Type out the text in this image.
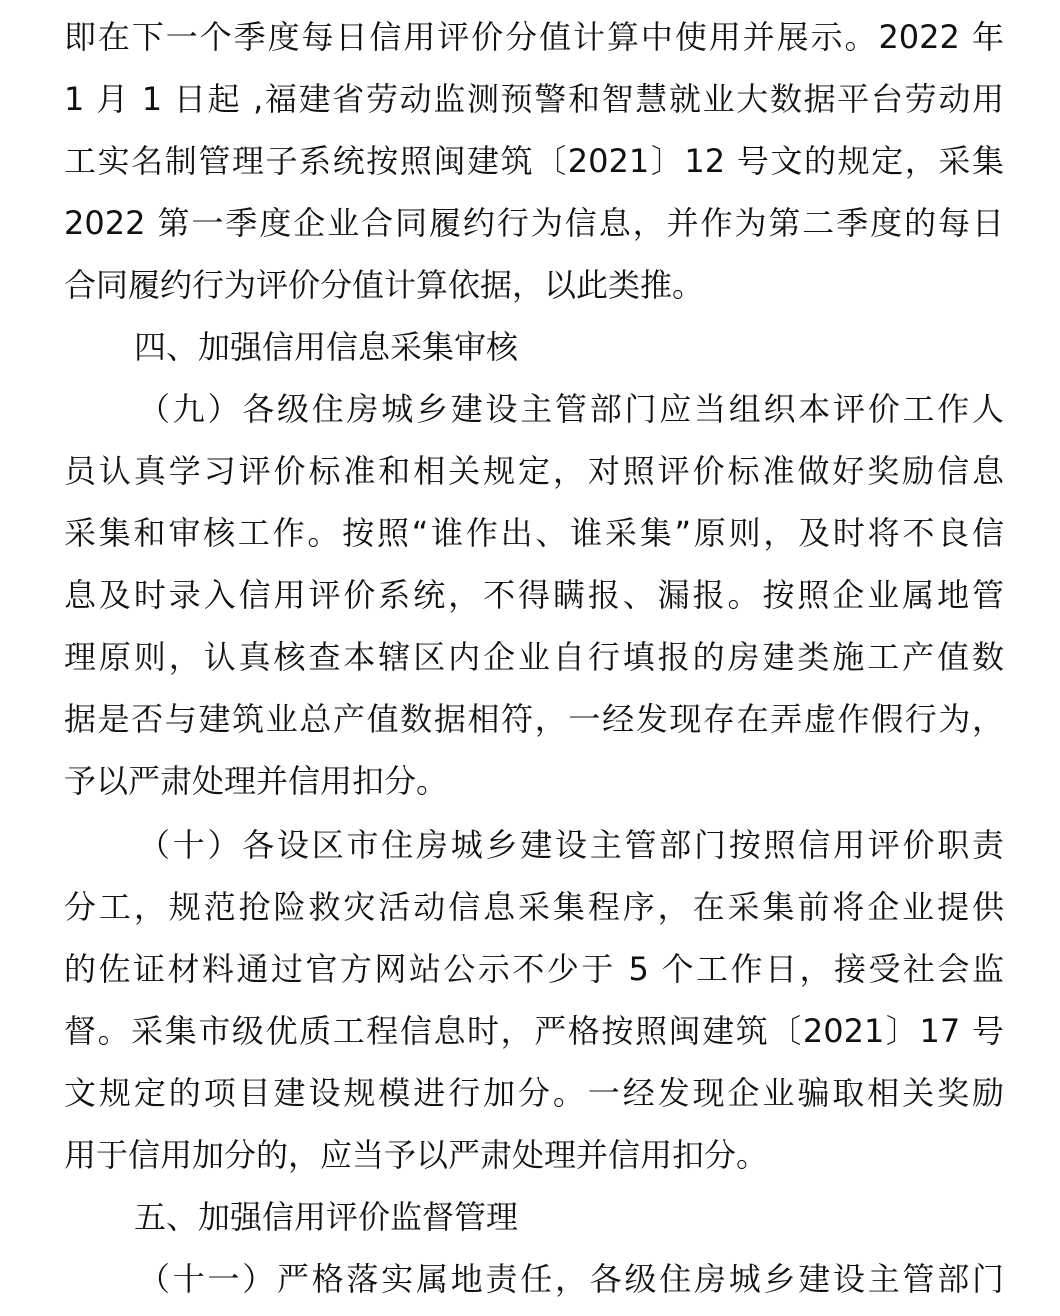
即在下一个季度每日信用评价分值计算中使用并展示。2022 年
1 月 1 日起 ,福建省劳动监测预警和智慧就业大数据平台劳动用
工实名制管理子系统按照闽建筑〔2021〕12 号文的规定，采集
2022 第一季度企业合同履约行为信息，并作为第二季度的每日
合同履约行为评价分值计算依据，以此类推。
四、加强信用信息采集审核
（九）各级住房城乡建设主管部门应当组织本评价工作人
员认真学习评价标准和相关规定，对照评价标准做好奖励信息
采集和审核工作。按照“谁作出、谁采集”原则，及时将不良信
息及时录入信用评价系统，不得瞒报、漏报。按照企业属地管
理原则，认真核查本辖区内企业自行填报的房建类施工产值数
据是否与建筑业总产值数据相符，一经发现存在弄虚作假行为，
予以严肃处理并信用扣分。
（十）各设区市住房城乡建设主管部门按照信用评价职责
分工，规范抢险救灾活动信息采集程序，在采集前将企业提供
的佐证材料通过官方网站公示不少于 5 个工作日，接受社会监
督。采集市级优质工程信息时，严格按照闽建筑〔2021〕17 号
文规定的项目建设规模进行加分。一经发现企业骗取相关奖励
用于信用加分的，应当予以严肃处理并信用扣分。
五、加强信用评价监督管理
（十一）严格落实属地责任，各级住房城乡建设主管部门
